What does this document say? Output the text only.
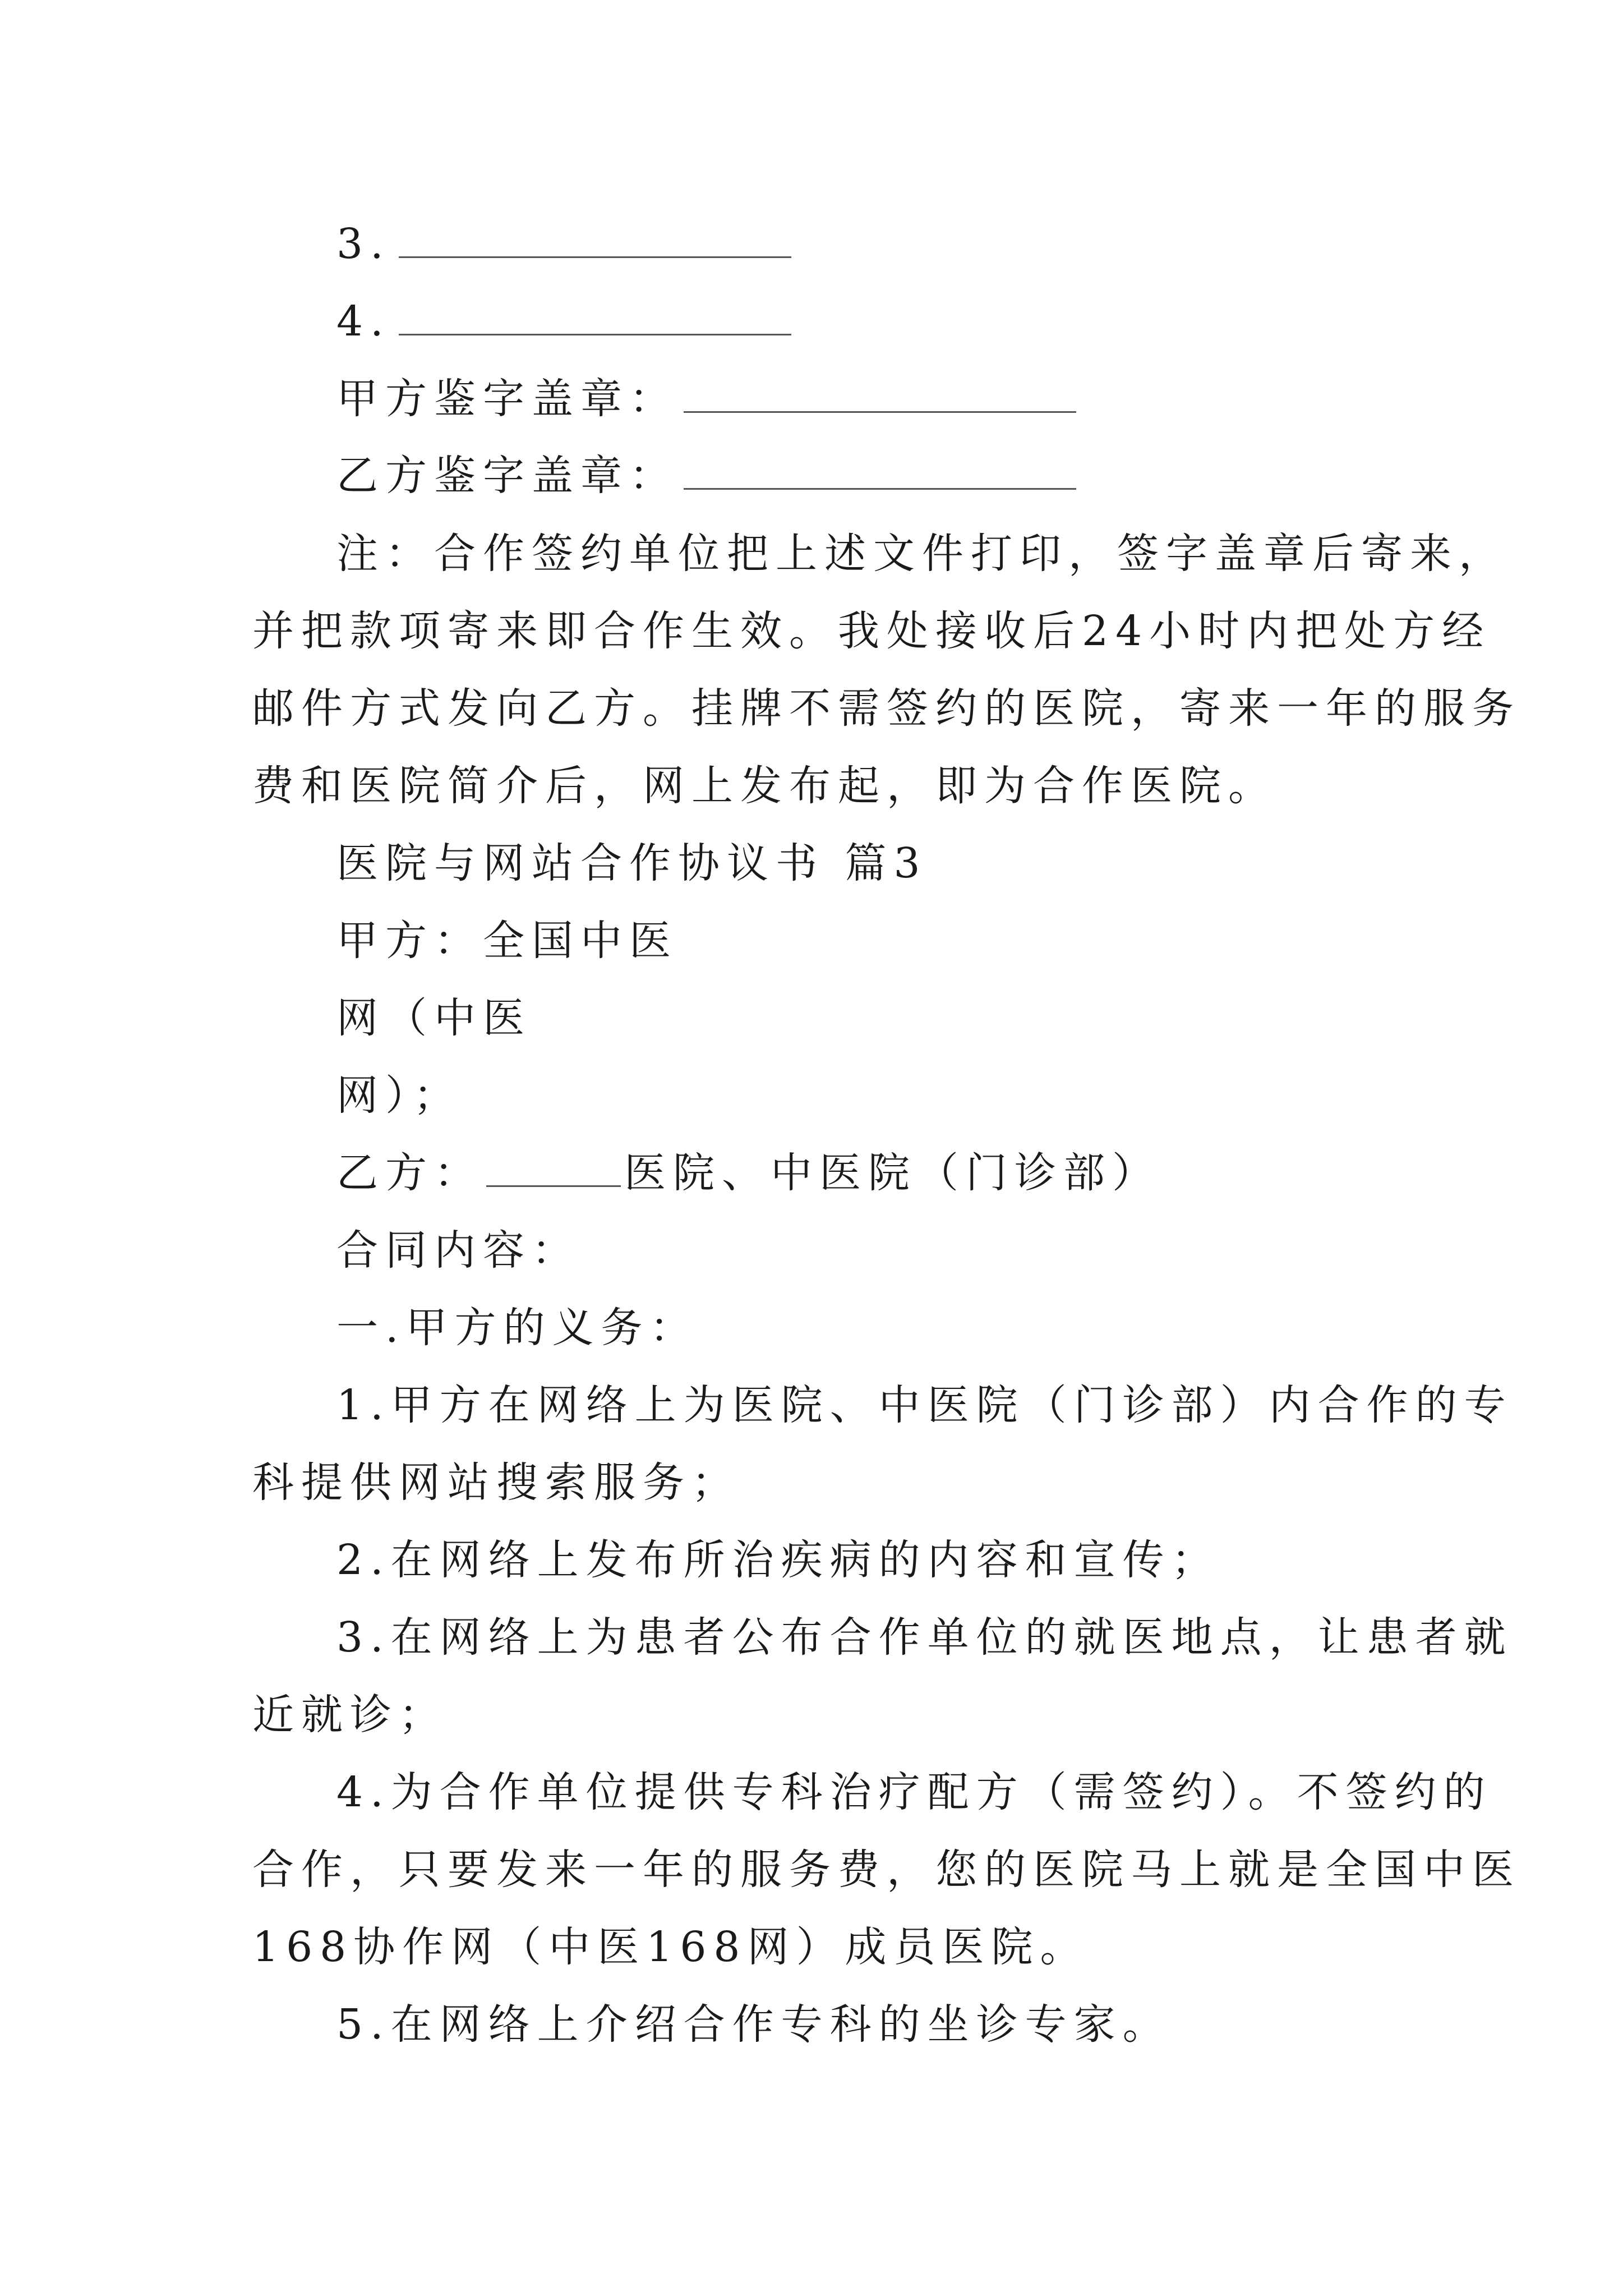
3.
4.
甲方鉴字盖章：
乙方鉴字盖章：
注：合作签约单位把上述文件打印，签字盖章后寄来，
并把款项寄来即合作生效。我处接收后24小时内把处方经
邮件方式发向乙方。挂牌不需签约的医院，寄来一年的服务
费和医院简介后，网上发布起，即为合作医院。
医院与网站合作协议书 篇3
甲方：全国中医
网（中医
网）；
乙方：	医院、中医院（门诊部）
合同内容：
一.甲方的义务：
1.甲方在网络上为医院、中医院（门诊部）内合作的专
科提供网站搜索服务；
2.在网络上发布所治疾病的内容和宣传；
3.在网络上为患者公布合作单位的就医地点，让患者就
近就诊；
4.为合作单位提供专科治疗配方（需签约）。不签约的
合作，只要发来一年的服务费，您的医院马上就是全国中医
168协作网（中医168网）成员医院。
5.在网络上介绍合作专科的坐诊专家。
